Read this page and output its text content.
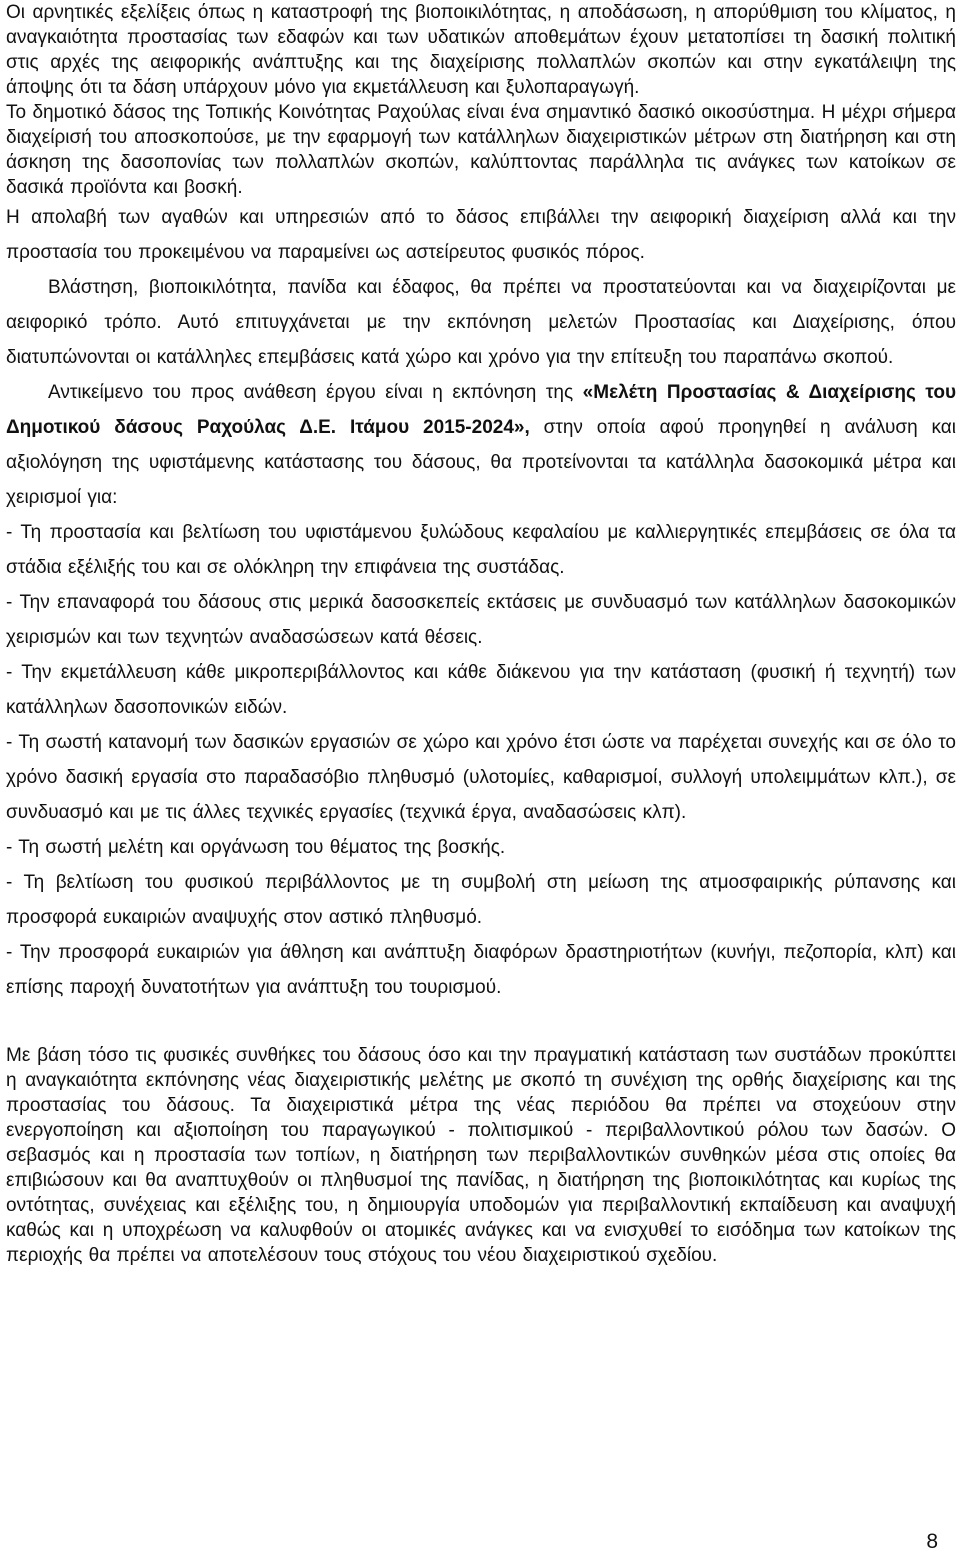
Οι αρνητικές εξελίξεις όπως η καταστροφή της βιοποικιλότητας, η αποδάσωση, η απορύθμιση του κλίματος, η αναγκαιότητα προστασίας των εδαφών και των υδατικών αποθεμάτων έχουν μετατοπίσει τη δασική πολιτική στις αρχές της αειφορικής ανάπτυξης και της διαχείρισης πολλαπλών σκοπών και στην εγκατάλειψη της άποψης ότι τα δάση υπάρχουν μόνο για εκμετάλλευση και ξυλοπαραγωγή.

Το δημοτικό δάσος της Τοπικής Κοινότητας Ραχούλας είναι ένα σημαντικό δασικό οικοσύστημα. Η μέχρι σήμερα διαχείρισή του αποσκοπούσε, με την εφαρμογή των κατάλληλων διαχειριστικών μέτρων στη διατήρηση και στη άσκηση της δασοπονίας των πολλαπλών σκοπών, καλύπτοντας παράλληλα τις ανάγκες των κατοίκων σε δασικά προϊόντα και βοσκή.

Η απολαβή των αγαθών και υπηρεσιών από το δάσος επιβάλλει την αειφορική διαχείριση αλλά και την προστασία του προκειμένου να παραμείνει ως αστείρευτος φυσικός πόρος.

Βλάστηση, βιοποικιλότητα, πανίδα και έδαφος, θα πρέπει να προστατεύονται και να διαχειρίζονται με αειφορικό τρόπο. Αυτό επιτυγχάνεται με την εκπόνηση μελετών Προστασίας και Διαχείρισης, όπου διατυπώνονται οι κατάλληλες επεμβάσεις κατά χώρο και χρόνο για την επίτευξη του παραπάνω σκοπού.

Αντικείμενο του προς ανάθεση έργου είναι η εκπόνηση της «Μελέτη Προστασίας & Διαχείρισης του Δημοτικού δάσους Ραχούλας Δ.Ε. Ιτάμου 2015-2024», στην οποία αφού προηγηθεί η ανάλυση και αξιολόγηση της υφιστάμενης κατάστασης του δάσους, θα προτείνονται τα κατάλληλα δασοκομικά μέτρα και χειρισμοί για:

- Τη προστασία και βελτίωση του υφιστάμενου ξυλώδους κεφαλαίου με καλλιεργητικές επεμβάσεις σε όλα τα στάδια εξέλιξής του και σε ολόκληρη την επιφάνεια της συστάδας.

- Την επαναφορά του δάσους στις μερικά δασοσκεπείς εκτάσεις με συνδυασμό των κατάλληλων δασοκομικών χειρισμών και των τεχνητών αναδασώσεων κατά θέσεις.

- Την εκμετάλλευση κάθε μικροπεριβάλλοντος και κάθε διάκενου για την κατάσταση (φυσική ή τεχνητή) των κατάλληλων δασοπονικών ειδών.

- Τη σωστή κατανομή των δασικών εργασιών σε χώρο και χρόνο έτσι ώστε να παρέχεται συνεχής και σε όλο το χρόνο δασική εργασία στο παραδασόβιο πληθυσμό (υλοτομίες, καθαρισμοί, συλλογή υπολειμμάτων κλπ.), σε συνδυασμό και με τις άλλες τεχνικές εργασίες (τεχνικά έργα, αναδασώσεις κλπ).

- Τη σωστή μελέτη και οργάνωση του θέματος της βοσκής.

- Τη βελτίωση του φυσικού περιβάλλοντος με τη συμβολή στη μείωση της ατμοσφαιρικής ρύπανσης και προσφορά ευκαιριών αναψυχής στον αστικό πληθυσμό.

- Την προσφορά ευκαιριών για άθληση και ανάπτυξη διαφόρων δραστηριοτήτων (κυνήγι, πεζοπορία, κλπ) και επίσης παροχή δυνατοτήτων για ανάπτυξη του τουρισμού.

Με βάση τόσο τις φυσικές συνθήκες του δάσους όσο και την πραγματική κατάσταση των συστάδων προκύπτει η αναγκαιότητα εκπόνησης νέας διαχειριστικής μελέτης με σκοπό τη συνέχιση της ορθής διαχείρισης και της προστασίας του δάσους. Τα διαχειριστικά μέτρα της νέας περιόδου θα πρέπει να στοχεύουν στην ενεργοποίηση και αξιοποίηση του παραγωγικού - πολιτισμικού - περιβαλλοντικού ρόλου των δασών. Ο σεβασμός και η προστασία των τοπίων, η διατήρηση των περιβαλλοντικών συνθηκών μέσα στις οποίες θα επιβιώσουν και θα αναπτυχθούν οι πληθυσμοί της πανίδας, η διατήρηση της βιοποικιλότητας και κυρίως της οντότητας, συνέχειας και εξέλιξης του, η δημιουργία υποδομών για περιβαλλοντική εκπαίδευση και αναψυχή καθώς και η υποχρέωση να καλυφθούν οι ατομικές ανάγκες και να ενισχυθεί το εισόδημα των κατοίκων της περιοχής θα πρέπει να αποτελέσουν τους στόχους του νέου διαχειριστικού σχεδίου.

8
